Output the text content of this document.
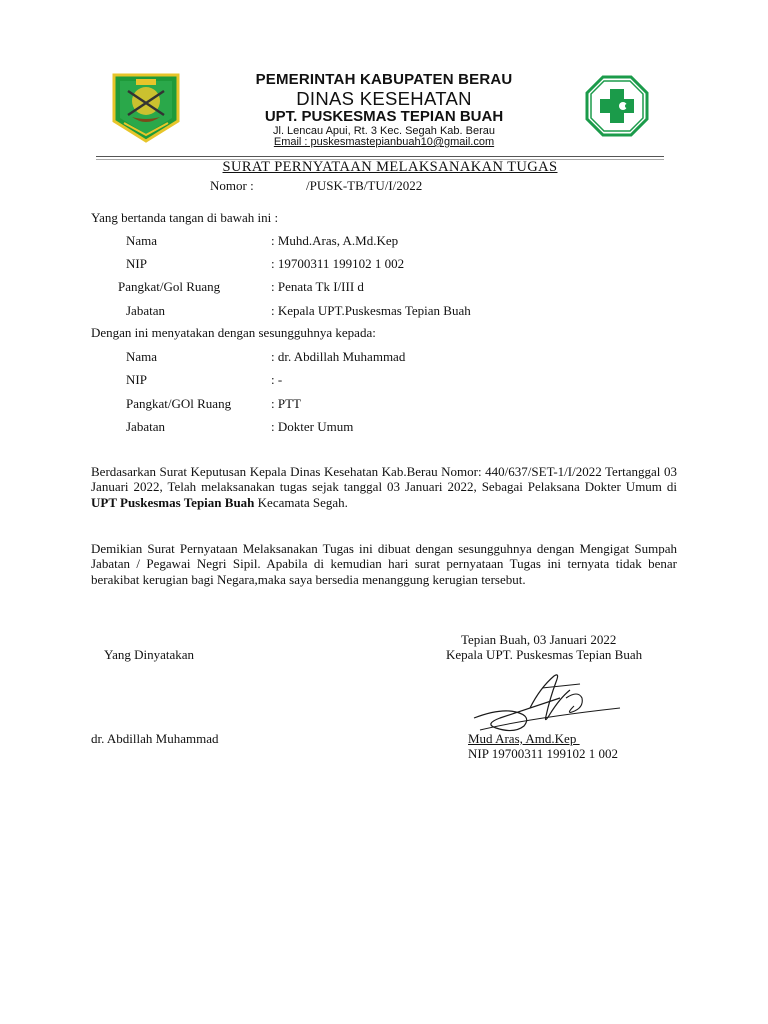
PEMERINTAH KABUPATEN BERAU
DINAS KESEHATAN
UPT. PUSKESMAS TEPIAN BUAH
Jl. Lencau Apui, Rt. 3 Kec. Segah Kab. Berau
Email : puskesmastepianbuah10@gmail.com
SURAT PERNYATAAN MELAKSANAKAN TUGAS
Nomor :	/PUSK-TB/TU/I/2022
Yang bertanda tangan di bawah ini :
Nama	: Muhd.Aras, A.Md.Kep
NIP	: 19700311 199102 1 002
Pangkat/Gol Ruang	: Penata Tk I/III d
Jabatan	: Kepala UPT.Puskesmas Tepian Buah
Dengan ini menyatakan dengan sesungguhnya kepada:
Nama	: dr. Abdillah Muhammad
NIP	: -
Pangkat/GOl Ruang	: PTT
Jabatan	: Dokter Umum
Berdasarkan Surat Keputusan Kepala Dinas Kesehatan Kab.Berau Nomor: 440/637/SET-1/I/2022 Tertanggal 03 Januari 2022, Telah melaksanakan tugas sejak tanggal 03 Januari 2022, Sebagai Pelaksana Dokter Umum di UPT Puskesmas Tepian Buah Kecamata Segah.
Demikian Surat Pernyataan Melaksanakan Tugas ini dibuat dengan sesungguhnya dengan Mengigat Sumpah Jabatan / Pegawai Negri Sipil. Apabila di kemudian hari surat pernyataan Tugas ini ternyata tidak benar berakibat kerugian bagi Negara,maka saya bersedia menanggung kerugian tersebut.
Tepian Buah, 03 Januari 2022
Yang Dinyatakan	Kepala UPT. Puskesmas Tepian Buah
dr. Abdillah Muhammad	Mud Aras, Amd.Kep
NIP 19700311 199102 1 002
